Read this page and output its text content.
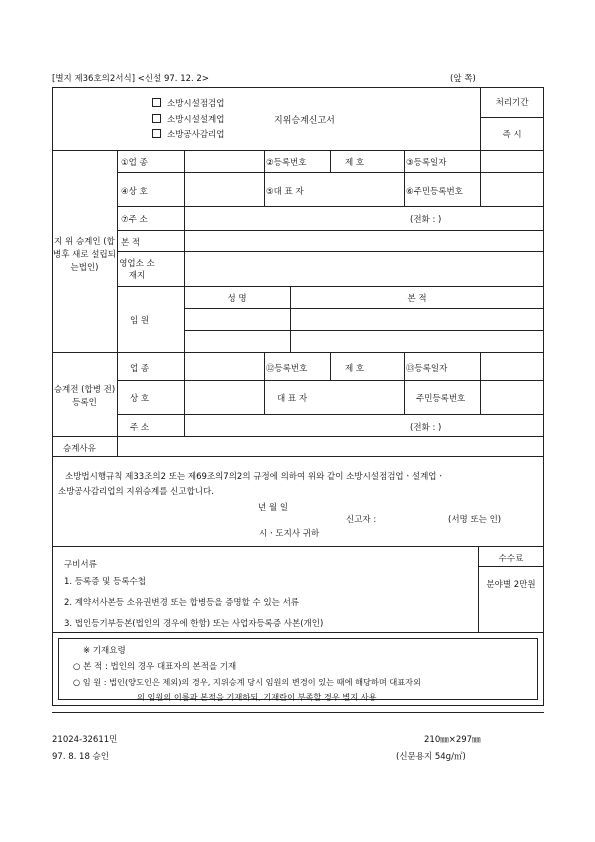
[별지 제36호의2서식] <신설 97. 12. 2>	(앞 쪽)
소방시설점검업
소방시설설계업	지위승계신고서
소방공사감리업
처리기간
즉 시
지 위 승계인 (합병후 새로 설립되는법인)
①업 종	②등록번호	제 호	③등록일자
④상 호	⑤대 표 자	⑥주민등록번호
⑦주 소	(전화 : )
본 적
영업소 소재지
임 원
성 명	본 적
승계전 (합병 전)등록인
업 종	⑫등록번호	제 호	⑬등록일자
상 호	대 표 자	주민등록번호
주 소	(전화 : )
승계사유
소방법시행규칙 제33조의2 또는 제69조의7의2의 규정에 의하여 위와 같이 소방시설점검업ㆍ설계업ㆍ
소방공사감리업의 지위승계를 신고합니다.
년 월 일
신고자 :	(서명 또는 인)
시ㆍ도지사 귀하
구비서류
1. 등록증 및 등록수첩
2. 계약서사본등 소유권변경 또는 합병등을 증명할 수 있는 서류
3. 법인등기부등본(법인의 경우에 한함) 또는 사업자등록증 사본(개인)
수수료
분야별 2만원
※ 기재요령
○ 본 적 : 법인의 경우 대표자의 본적을 기재
○ 임 원 : 법인(양도인은 제외)의 경우, 지위승계 당시 임원의 변경이 있는 때에 해당하며 대표자외
의 임원의 이름과 본적을 기재하되, 기재란이 부족할 경우 별지 사용
21024-32611민
97. 8. 18 승인
210㎜×297㎜
(신문용지 54g/㎡)
